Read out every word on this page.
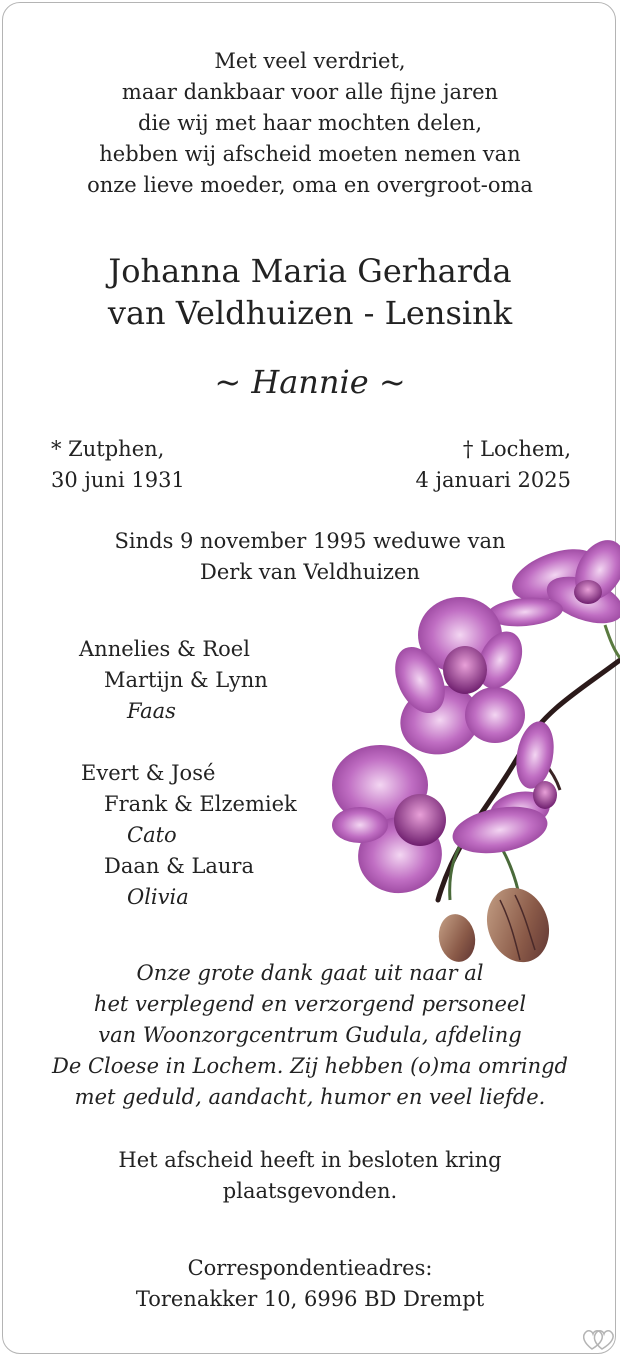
Met veel verdriet,
maar dankbaar voor alle fijne jaren
die wij met haar mochten delen,
hebben wij afscheid moeten nemen van
onze lieve moeder, oma en overgroot-oma
Johanna Maria Gerharda
van Veldhuizen - Lensink
~ Hannie ~
* Zutphen,
30 juni 1931
† Lochem,
4 januari 2025
Sinds 9 november 1995 weduwe van
Derk van Veldhuizen
Annelies & Roel
Martijn & Lynn
Faas
Evert & José
Frank & Elzemiek
Cato
Daan & Laura
Olivia
Onze grote dank gaat uit naar al
het verplegend en verzorgend personeel
van Woonzorgcentrum Gudula, afdeling
De Cloese in Lochem. Zij hebben (o)ma omringd
met geduld, aandacht, humor en veel liefde.
Het afscheid heeft in besloten kring
plaatsgevonden.
Correspondentieadres:
Torenakker 10, 6996 BD Drempt
